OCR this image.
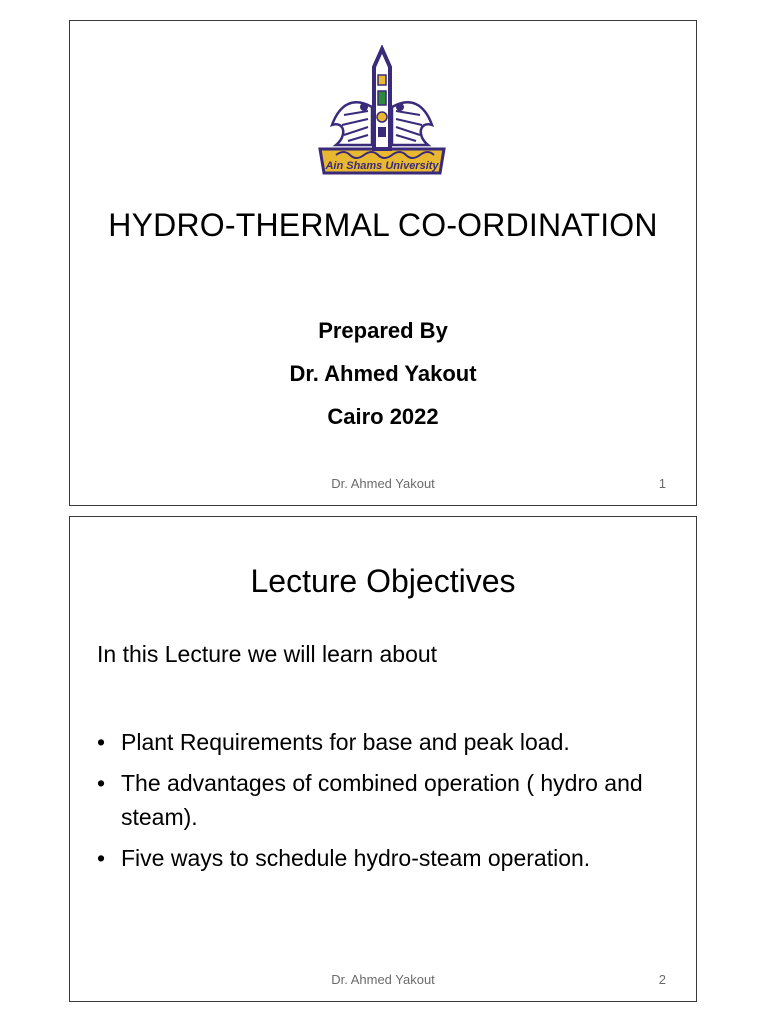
Ain Shams University
HYDRO-THERMAL CO-ORDINATION
Prepared By
Dr. Ahmed Yakout
Cairo 2022
Dr. Ahmed Yakout	1
Lecture Objectives
In this Lecture we will learn about
• Plant Requirements for base and peak load.
• The advantages of combined operation ( hydro and steam).
• Five ways to schedule hydro-steam operation.
Dr. Ahmed Yakout	2
